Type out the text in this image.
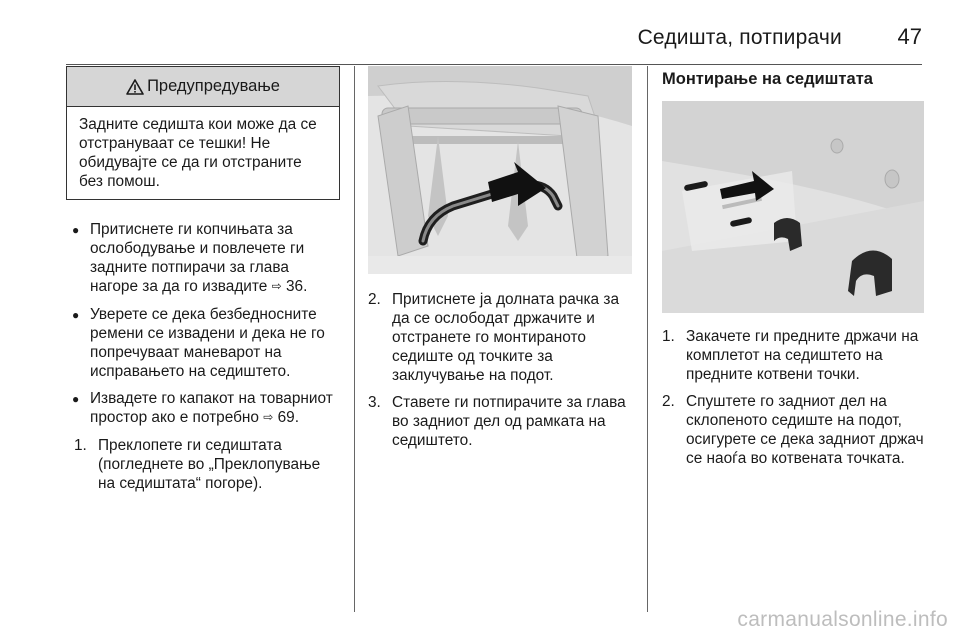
Седишта, потпирачи	47
Предупредување
Задните седишта кои може да се отстрануваат се тешки! Не обидувајте се да ги отстраните без помош.
● Притиснете ги копчињата за ослободување и повлечете ги задните потпирачи за глава нагоре за да го извадите ⇨ 36.
● Уверете се дека безбедносните ремени се извадени и дека не го попречуваат маневарот на исправањето на седиштето.
● Извадете го капакот на товарниот простор ако е потребно ⇨ 69.
1. Преклопете ги седиштата (погледнете во „Преклопување на седиштата“ погоре).
2. Притиснете ја долната рачка за да се ослободат држачите и отстранете го монтираното седиште од точките за заклучување на подот.
3. Ставете ги потпирачите за глава во задниот дел од рамката на седиштето.
Монтирање на седиштата
1. Закачете ги предните држачи на комплетот на седиштето на предните котвени точки.
2. Спуштете го задниот дел на склопеното седиште на подот, осигурете се дека задниот држач се наоѓа во котвената точката.
carmanualsonline.info
